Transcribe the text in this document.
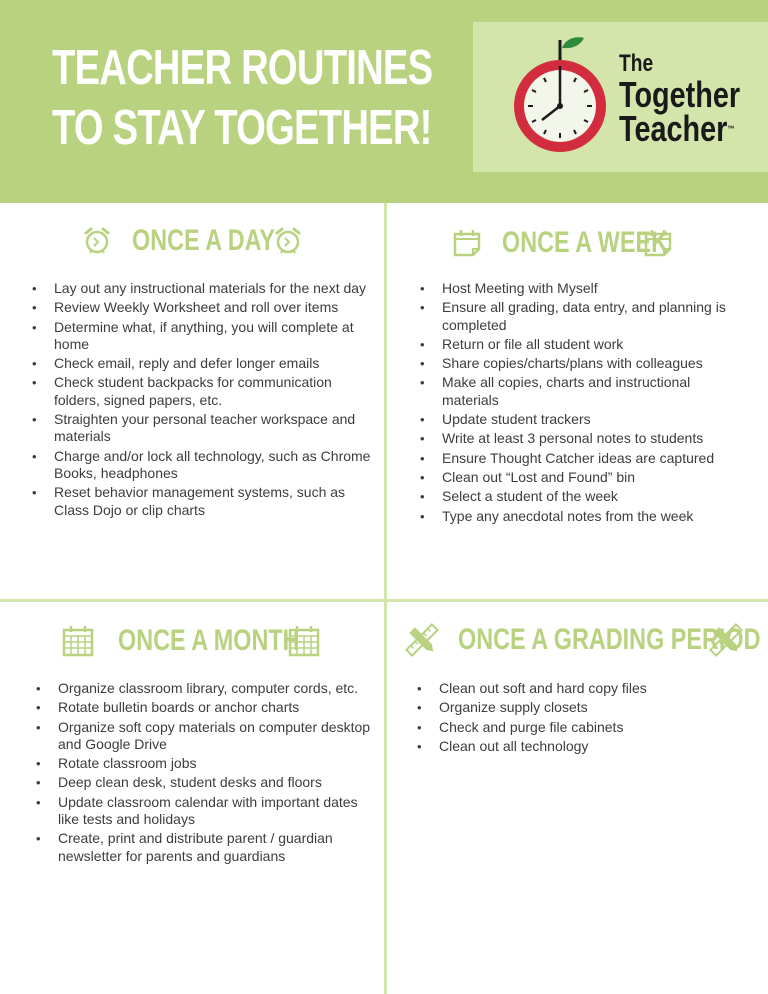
TEACHER ROUTINES
TO STAY TOGETHER!
The
Together
Teacher™
ONCE A DAY
• Lay out any instructional materials for the next day
• Review Weekly Worksheet and roll over items
• Determine what, if anything, you will complete at home
• Check email, reply and defer longer emails
• Check student backpacks for communication folders, signed papers, etc.
• Straighten your personal teacher workspace and materials
• Charge and/or lock all technology, such as Chrome Books, headphones
• Reset behavior management systems, such as Class Dojo or clip charts
ONCE A WEEK
• Host Meeting with Myself
• Ensure all grading, data entry, and planning is completed
• Return or file all student work
• Share copies/charts/plans with colleagues
• Make all copies, charts and instructional materials
• Update student trackers
• Write at least 3 personal notes to students
• Ensure Thought Catcher ideas are captured
• Clean out “Lost and Found” bin
• Select a student of the week
• Type any anecdotal notes from the week
ONCE A MONTH
• Organize classroom library, computer cords, etc.
• Rotate bulletin boards or anchor charts
• Organize soft copy materials on computer desktop and Google Drive
• Rotate classroom jobs
• Deep clean desk, student desks and floors
• Update classroom calendar with important dates like tests and holidays
• Create, print and distribute parent / guardian newsletter for parents and guardians
ONCE A GRADING PERIOD
• Clean out soft and hard copy files
• Organize supply closets
• Check and purge file cabinets
• Clean out all technology
